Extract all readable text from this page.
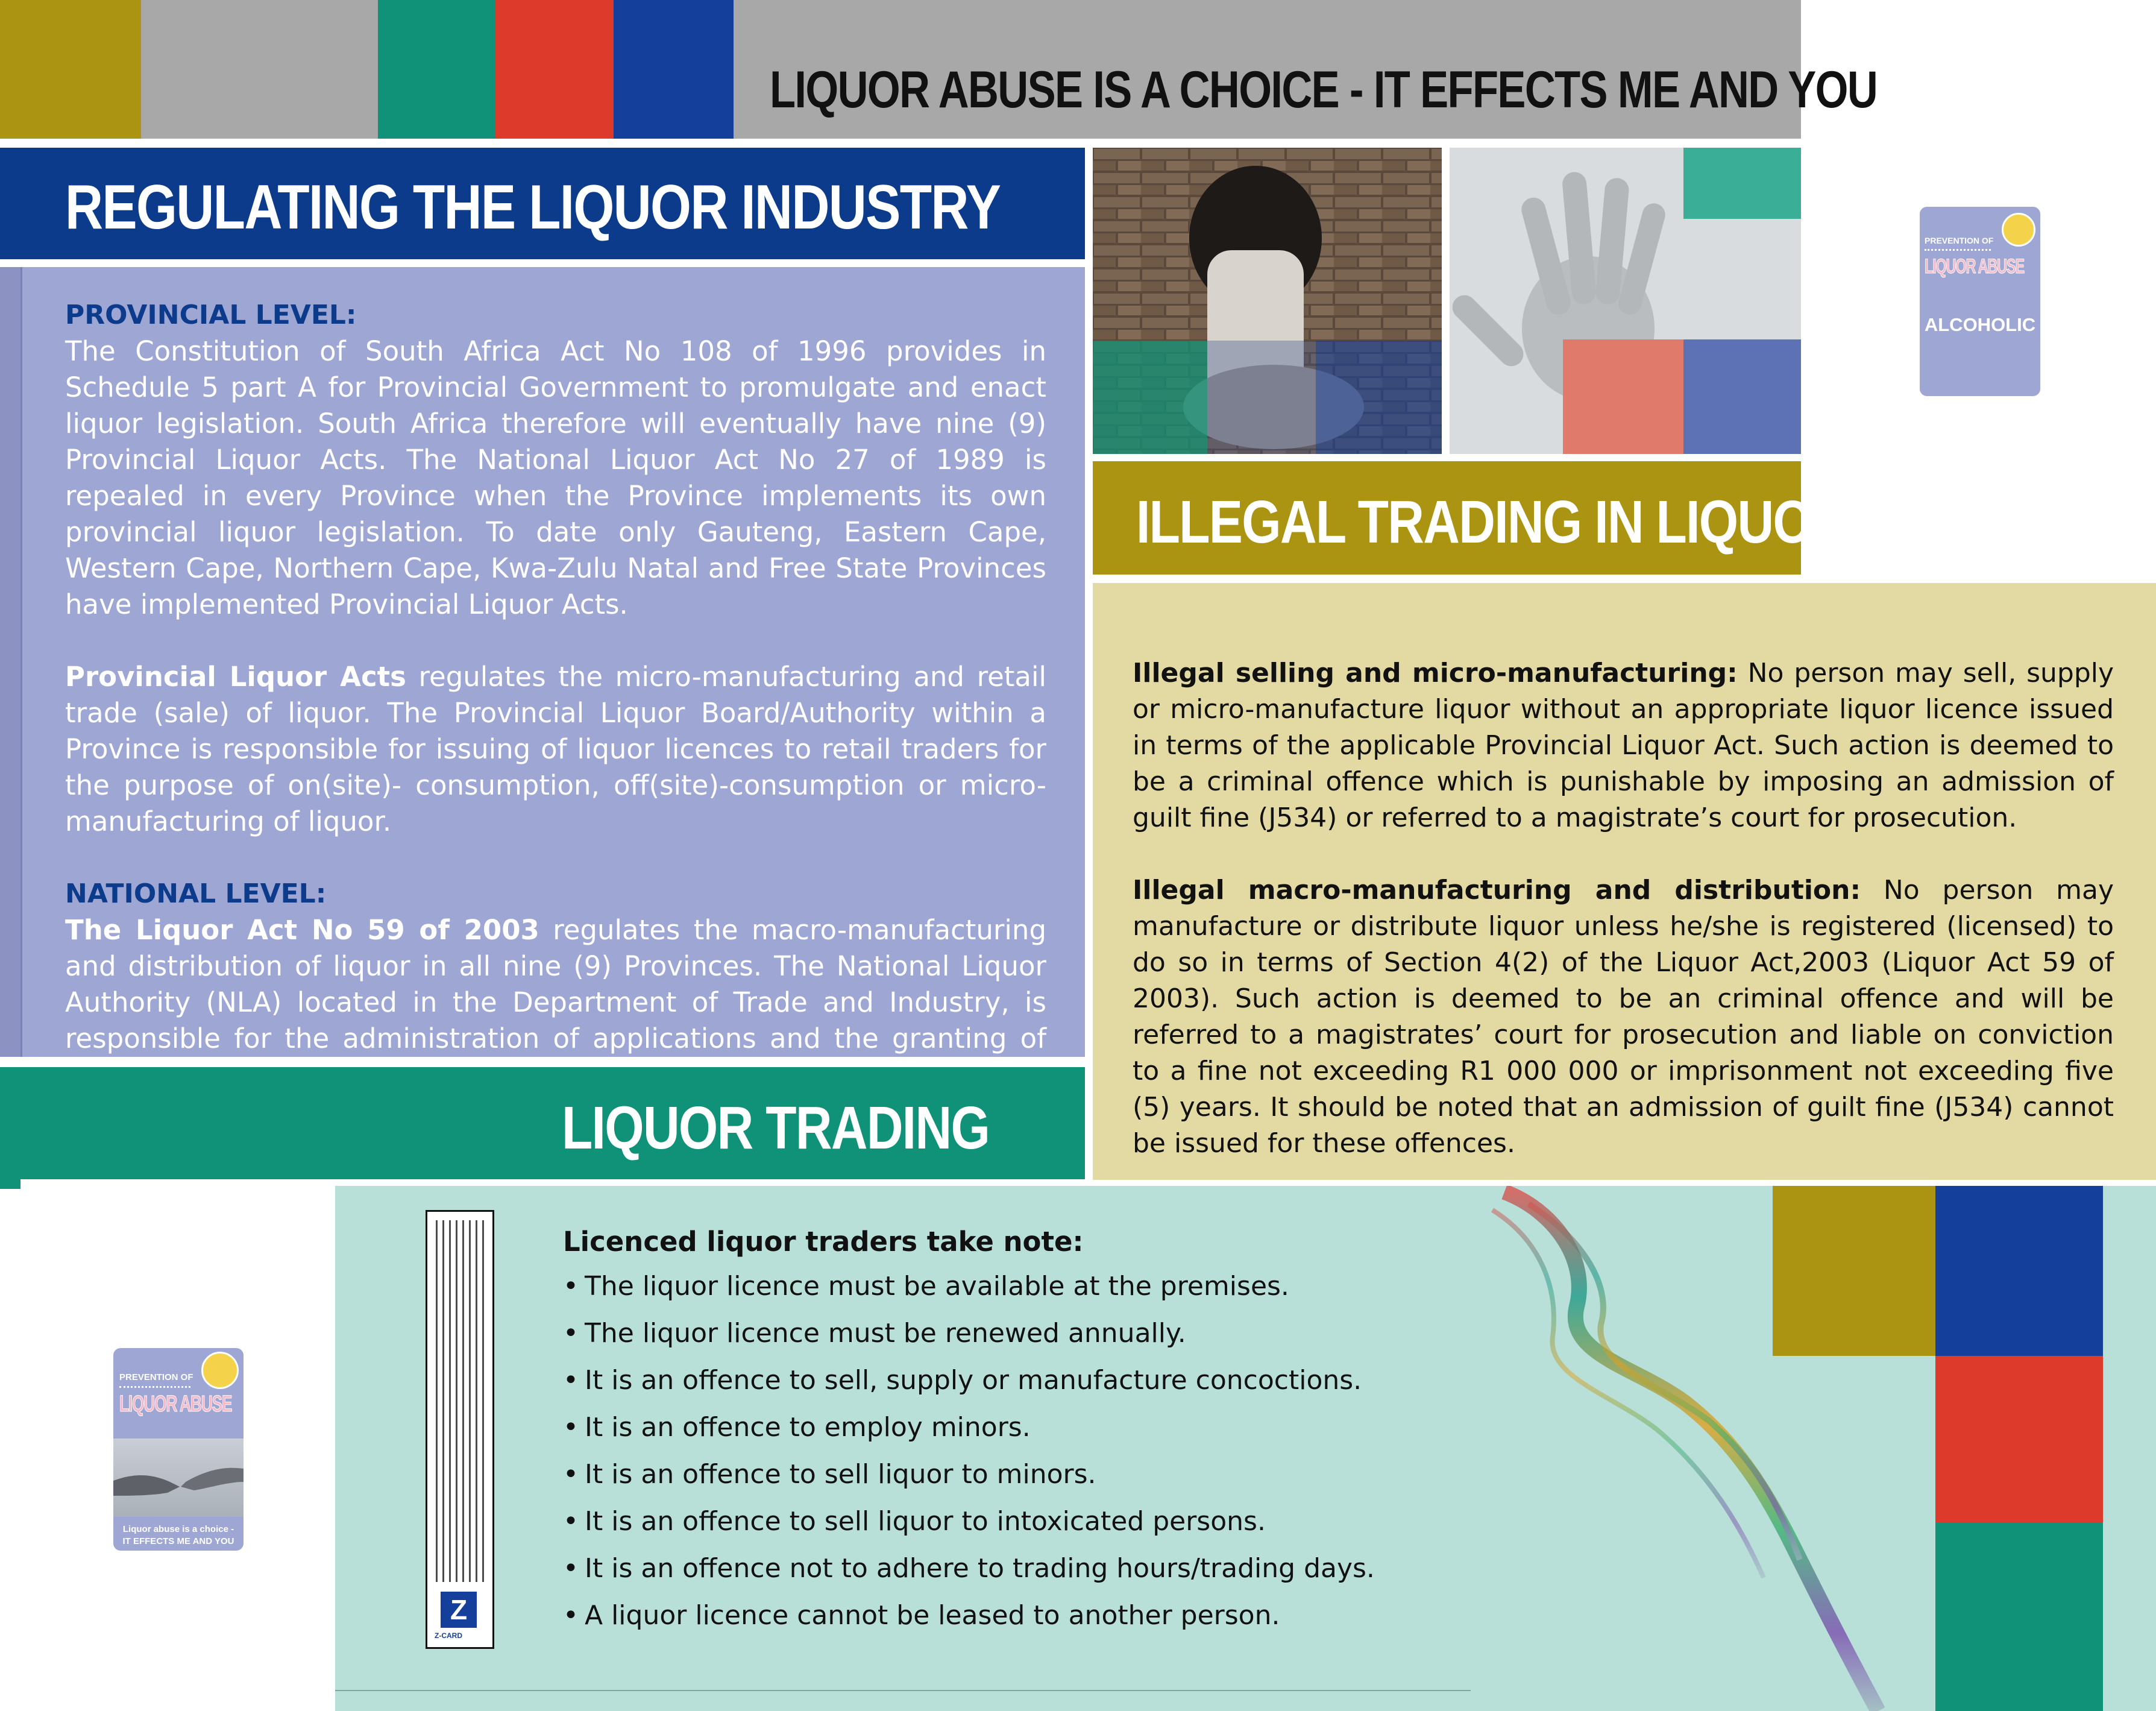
LIQUOR ABUSE IS A CHOICE - IT EFFECTS ME AND YOU
REGULATING THE LIQUOR INDUSTRY
PROVINCIAL LEVEL:

The Constitution of South Africa Act No 108 of 1996 provides in Schedule 5 part A for Provincial Government to promulgate and enact liquor legislation. South Africa therefore will eventually have nine (9) Provincial Liquor Acts. The National Liquor Act No 27 of 1989 is repealed in every Province when the Province implements its own provincial liquor legislation. To date only Gauteng, Eastern Cape, Western Cape, Northern Cape, Kwa-Zulu Natal and Free State Provinces have implemented Provincial Liquor Acts.

Provincial Liquor Acts regulates the micro-manufacturing and retail trade (sale) of liquor. The Provincial Liquor Board/Authority within a Province is responsible for issuing of liquor licences to retail traders for the purpose of on(site)- consumption, off(site)-consumption or micro-manufacturing of liquor.

NATIONAL LEVEL:

The Liquor Act No 59 of 2003 regulates the macro-manufacturing and distribution of liquor in all nine (9) Provinces. The National Liquor Authority (NLA) located in the Department of Trade and Industry, is responsible for the administration of applications and the granting of

LIQUOR TRADING
ILLEGAL TRADING IN LIQUOR

Illegal selling and micro-manufacturing: No person may sell, supply or micro-manufacture liquor without an appropriate liquor licence issued in terms of the applicable Provincial Liquor Act. Such action is deemed to be a criminal offence which is punishable by imposing an admission of guilt fine (J534) or referred to a magistrate’s court for prosecution.

Illegal macro-manufacturing and distribution: No person may manufacture or distribute liquor unless he/she is registered (licensed) to do so in terms of Section 4(2) of the Liquor Act,2003 (Liquor Act 59 of 2003). Such action is deemed to be an criminal offence and will be referred to a magistrates’ court for prosecution and liable on conviction to a fine not exceeding R1 000 000 or imprisonment not exceeding five (5) years. It should be noted that an admission of guilt fine (J534) cannot be issued for these offences.

PREVENTION OF
LIQUOR ABUSE
ALCOHOLIC
Z
Z-CARD
Licenced liquor traders take note:
• The liquor licence must be available at the premises.
• The liquor licence must be renewed annually.
• It is an offence to sell, supply or manufacture concoctions.
• It is an offence to employ minors.
• It is an offence to sell liquor to minors.
• It is an offence to sell liquor to intoxicated persons.
• It is an offence not to adhere to trading hours/trading days.
• A liquor licence cannot be leased to another person.
PREVENTION OF
LIQUOR ABUSE
Liquor abuse is a choice -
IT EFFECTS ME AND YOU
